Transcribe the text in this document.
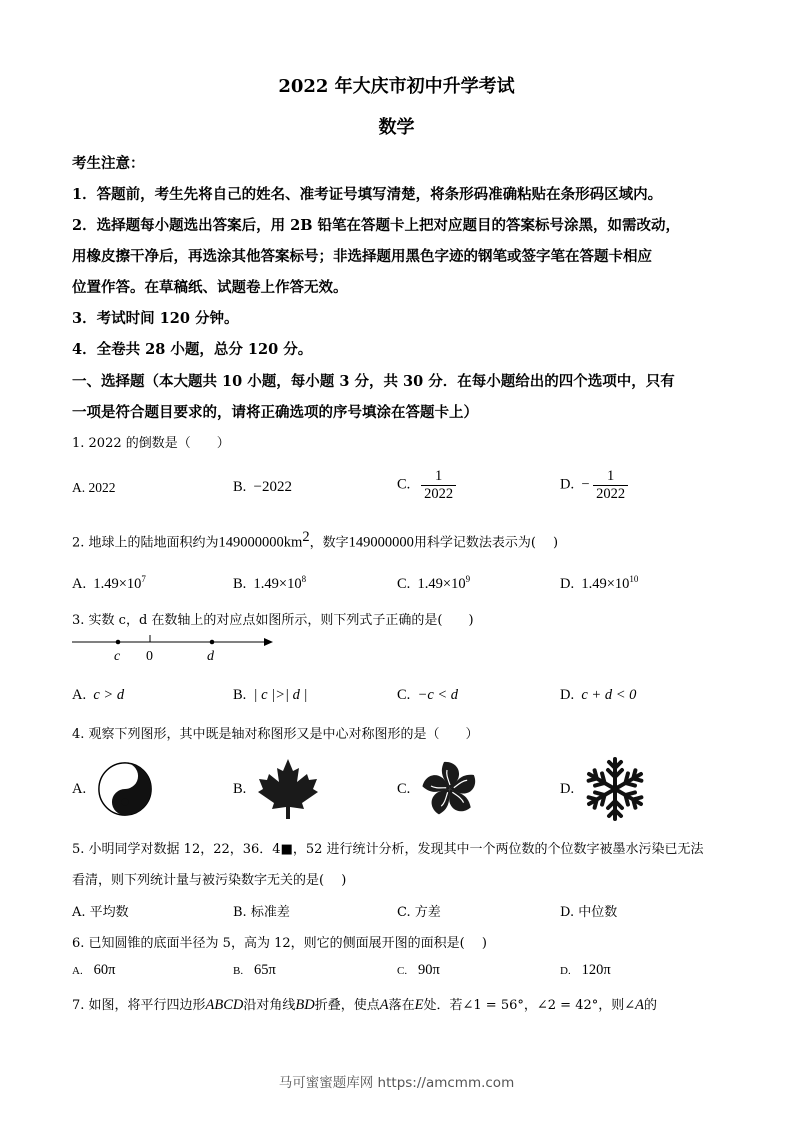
2022 年大庆市初中升学考试
数学
考生注意：
1．答题前，考生先将自己的姓名、准考证号填写清楚，将条形码准确粘贴在条形码区域内。
2．选择题每小题选出答案后，用 2B 铅笔在答题卡上把对应题目的答案标号涂黑，如需改动，
用橡皮擦干净后，再选涂其他答案标号；非选择题用黑色字迹的钢笔或签字笔在答题卡相应
位置作答。在草稿纸、试题卷上作答无效。
3．考试时间 120 分钟。
4．全卷共 28 小题，总分 120 分。
一、选择题（本大题共 10 小题，每小题 3 分，共 30 分．在每小题给出的四个选项中，只有
一项是符合题目要求的，请将正确选项的序号填涂在答题卡上）
1. 2022 的倒数是（　　）
A. 2022	B. −2022	C. $\frac{1}{2022}$	D. − $\frac{1}{2022}$
2. 地球上的陆地面积约为$149000000km^2$，数字149000000用科学记数法表示为(　 )
A. $1.49\times 10^7$	B. $1.49\times 10^8$	C. $1.49\times 10^9$	D. $1.49\times 10^{10}$
3. 实数 c，d 在数轴上的对应点如图所示，则下列式子正确的是(　　)
c 0	d
A. c > d	B. | c |>| d |	C. −c < d	D. c + d < 0
4. 观察下列图形，其中既是轴对称图形又是中心对称图形的是（　　）
A.	B.	C.	D.
5. 小明同学对数据 12，22，36．4■，52 进行统计分析，发现其中一个两位数的个位数字被墨水污染已无法
看清，则下列统计量与被污染数字无关的是(　 )
A. 平均数	B. 标准差	C. 方差	D. 中位数
6. 已知圆锥的底面半径为 5，高为 12，则它的侧面展开图的面积是(　 )
A. 60π	B. 65π	C. 90π	D. 120π
7. 如图，将平行四边形ABCD沿对角线BD折叠，使点A落在E处．若∠1 = 56°，∠2 = 42°，则∠A的
马可蜜蜜题库网 https://amcmm.com
